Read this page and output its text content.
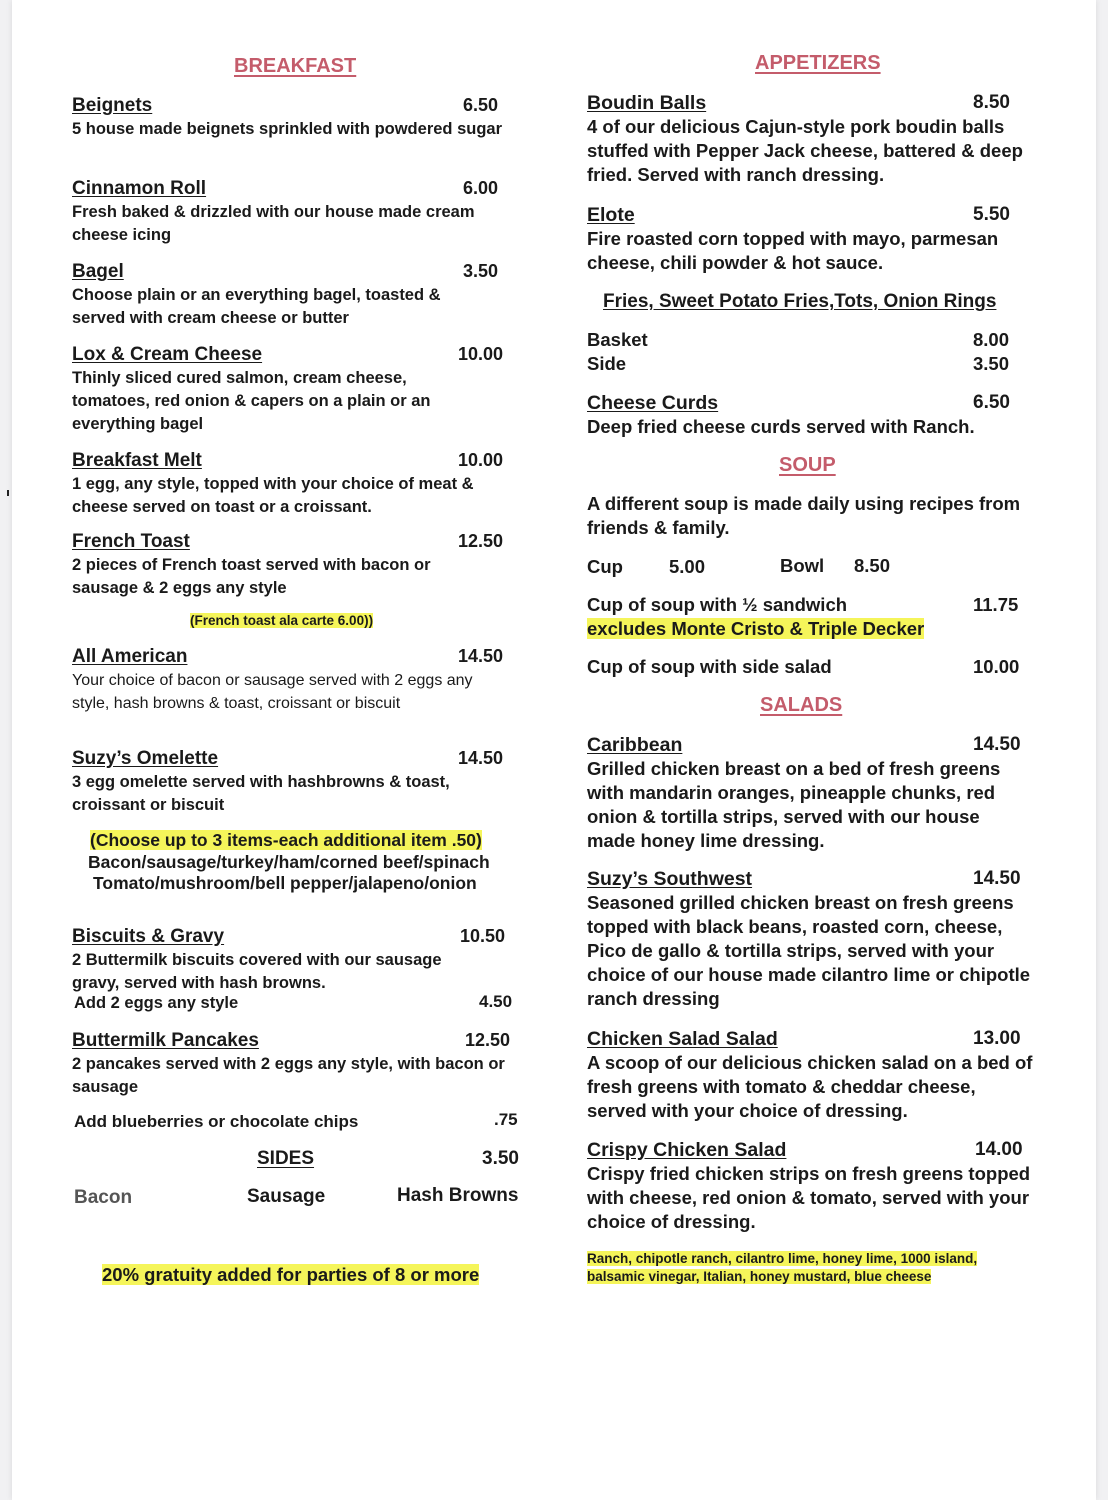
BREAKFAST
Beignets	6.50
5 house made beignets sprinkled with powdered sugar
Cinnamon Roll	6.00
Fresh baked & drizzled with our house made cream cheese icing
Bagel	3.50
Choose plain or an everything bagel, toasted & served with cream cheese or butter
Lox & Cream Cheese	10.00
Thinly sliced cured salmon, cream cheese, tomatoes, red onion & capers on a plain or an everything bagel
Breakfast Melt	10.00
1 egg, any style, topped with your choice of meat & cheese served on toast or a croissant.
French Toast	12.50
2 pieces of French toast served with bacon or sausage & 2 eggs any style
(French toast ala carte 6.00))
All American	14.50
Your choice of bacon or sausage served with 2 eggs any style, hash browns & toast, croissant or biscuit
Suzy’s Omelette	14.50
3 egg omelette served with hashbrowns & toast, croissant or biscuit
(Choose up to 3 items-each additional item .50)
Bacon/sausage/turkey/ham/corned beef/spinach
Tomato/mushroom/bell pepper/jalapeno/onion
Biscuits & Gravy	10.50
2 Buttermilk biscuits covered with our sausage gravy, served with hash browns.
Add 2 eggs any style	4.50
Buttermilk Pancakes	12.50
2 pancakes served with 2 eggs any style, with bacon or sausage
Add blueberries or chocolate chips	.75
SIDES	3.50
Bacon	Sausage	Hash Browns
20% gratuity added for parties of 8 or more
APPETIZERS
Boudin Balls	8.50
4 of our delicious Cajun-style pork boudin balls stuffed with Pepper Jack cheese, battered & deep fried. Served with ranch dressing.
Elote	5.50
Fire roasted corn topped with mayo, parmesan cheese, chili powder & hot sauce.
Fries, Sweet Potato Fries,Tots, Onion Rings
Basket	8.00
Side	3.50
Cheese Curds	6.50
Deep fried cheese curds served with Ranch.
SOUP
A different soup is made daily using recipes from friends & family.
Cup 5.00	Bowl 8.50
Cup of soup with ½ sandwich	11.75
excludes Monte Cristo & Triple Decker
Cup of soup with side salad	10.00
SALADS
Caribbean	14.50
Grilled chicken breast on a bed of fresh greens with mandarin oranges, pineapple chunks, red onion & tortilla strips, served with our house made honey lime dressing.
Suzy’s Southwest	14.50
Seasoned grilled chicken breast on fresh greens topped with black beans, roasted corn, cheese, Pico de gallo & tortilla strips, served with your choice of our house made cilantro lime or chipotle ranch dressing
Chicken Salad Salad	13.00
A scoop of our delicious chicken salad on a bed of fresh greens with tomato & cheddar cheese, served with your choice of dressing.
Crispy Chicken Salad	14.00
Crispy fried chicken strips on fresh greens topped with cheese, red onion & tomato, served with your choice of dressing.
Ranch, chipotle ranch, cilantro lime, honey lime, 1000 island, balsamic vinegar, Italian, honey mustard, blue cheese
